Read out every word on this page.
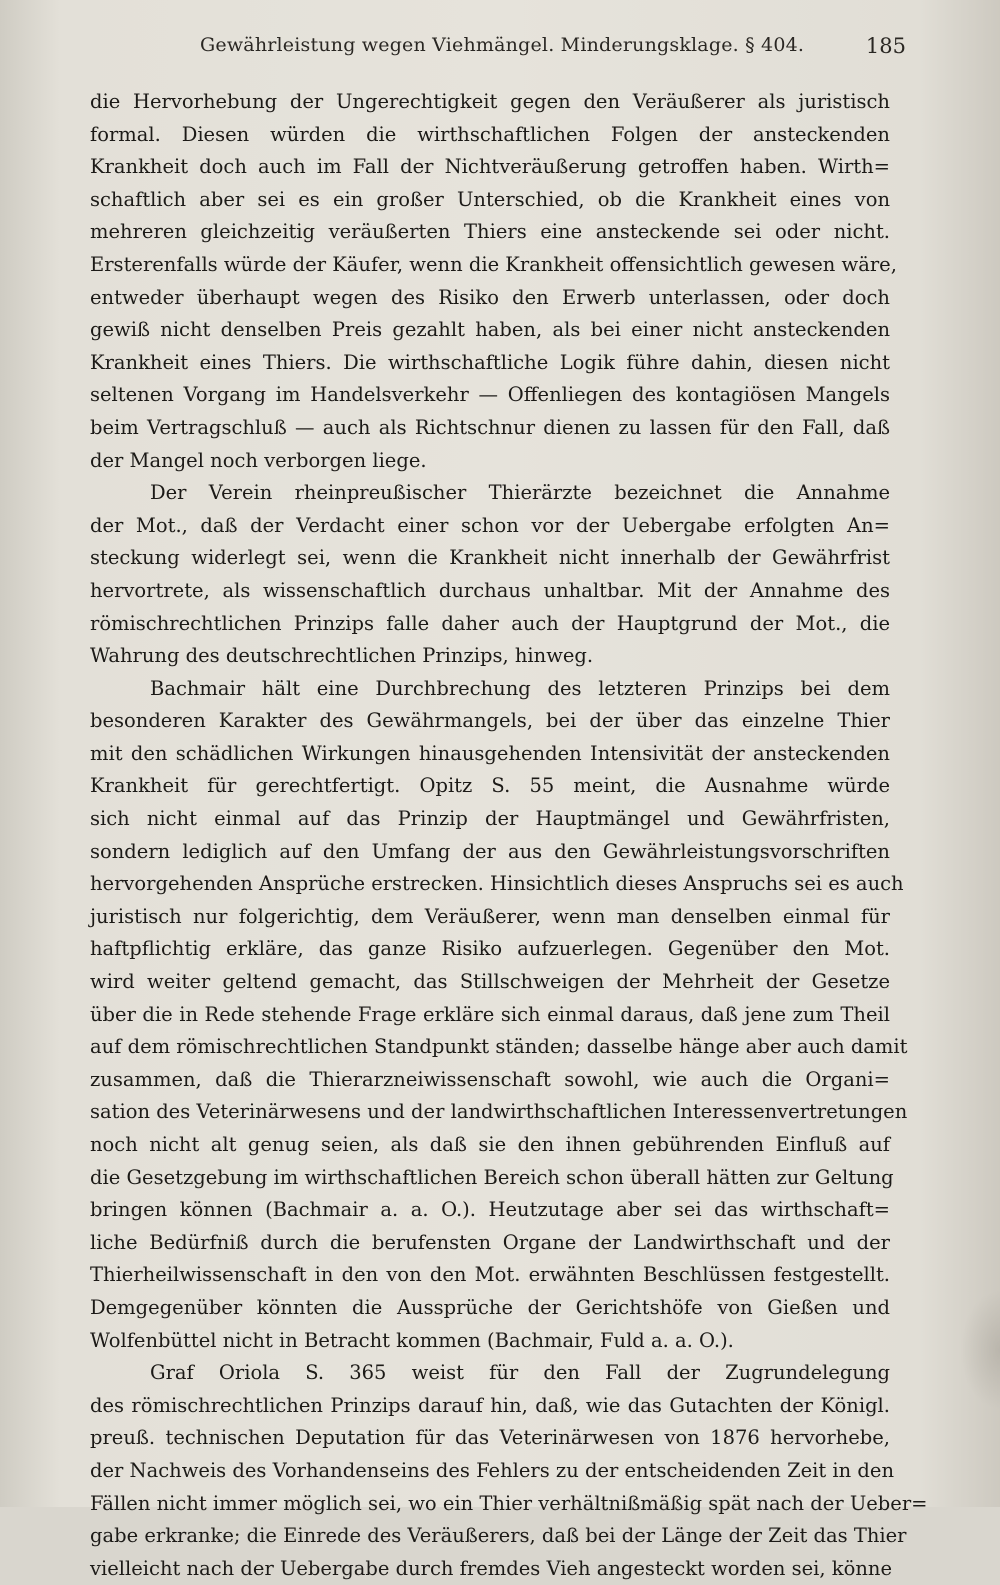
Gewährleistung wegen Viehmängel. Minderungsklage. § 404.	185
die Hervorhebung der Ungerechtigkeit gegen den Veräußerer als juristisch
formal. Diesen würden die wirthschaftlichen Folgen der ansteckenden
Krankheit doch auch im Fall der Nichtveräußerung getroffen haben. Wirth=
schaftlich aber sei es ein großer Unterschied, ob die Krankheit eines von
mehreren gleichzeitig veräußerten Thiers eine ansteckende sei oder nicht.
Ersterenfalls würde der Käufer, wenn die Krankheit offensichtlich gewesen wäre,
entweder überhaupt wegen des Risiko den Erwerb unterlassen, oder doch
gewiß nicht denselben Preis gezahlt haben, als bei einer nicht ansteckenden
Krankheit eines Thiers. Die wirthschaftliche Logik führe dahin, diesen nicht
seltenen Vorgang im Handelsverkehr — Offenliegen des kontagiösen Mangels
beim Vertragschluß — auch als Richtschnur dienen zu lassen für den Fall, daß
der Mangel noch verborgen liege.
Der Verein rheinpreußischer Thierärzte bezeichnet die Annahme
der Mot., daß der Verdacht einer schon vor der Uebergabe erfolgten An=
steckung widerlegt sei, wenn die Krankheit nicht innerhalb der Gewährfrist
hervortrete, als wissenschaftlich durchaus unhaltbar. Mit der Annahme des
römischrechtlichen Prinzips falle daher auch der Hauptgrund der Mot., die
Wahrung des deutschrechtlichen Prinzips, hinweg.
Bachmair hält eine Durchbrechung des letzteren Prinzips bei dem
besonderen Karakter des Gewährmangels, bei der über das einzelne Thier
mit den schädlichen Wirkungen hinausgehenden Intensivität der ansteckenden
Krankheit für gerechtfertigt. Opitz S. 55 meint, die Ausnahme würde
sich nicht einmal auf das Prinzip der Hauptmängel und Gewährfristen,
sondern lediglich auf den Umfang der aus den Gewährleistungsvorschriften
hervorgehenden Ansprüche erstrecken. Hinsichtlich dieses Anspruchs sei es auch
juristisch nur folgerichtig, dem Veräußerer, wenn man denselben einmal für
haftpflichtig erkläre, das ganze Risiko aufzuerlegen. Gegenüber den Mot.
wird weiter geltend gemacht, das Stillschweigen der Mehrheit der Gesetze
über die in Rede stehende Frage erkläre sich einmal daraus, daß jene zum Theil
auf dem römischrechtlichen Standpunkt ständen; dasselbe hänge aber auch damit
zusammen, daß die Thierarzneiwissenschaft sowohl, wie auch die Organi=
sation des Veterinärwesens und der landwirthschaftlichen Interessenvertretungen
noch nicht alt genug seien, als daß sie den ihnen gebührenden Einfluß auf
die Gesetzgebung im wirthschaftlichen Bereich schon überall hätten zur Geltung
bringen können (Bachmair a. a. O.). Heutzutage aber sei das wirthschaft=
liche Bedürfniß durch die berufensten Organe der Landwirthschaft und der
Thierheilwissenschaft in den von den Mot. erwähnten Beschlüssen festgestellt.
Demgegenüber könnten die Aussprüche der Gerichtshöfe von Gießen und
Wolfenbüttel nicht in Betracht kommen (Bachmair, Fuld a. a. O.).
Graf Oriola S. 365 weist für den Fall der Zugrundelegung
des römischrechtlichen Prinzips darauf hin, daß, wie das Gutachten der Königl.
preuß. technischen Deputation für das Veterinärwesen von 1876 hervorhebe,
der Nachweis des Vorhandenseins des Fehlers zu der entscheidenden Zeit in den
Fällen nicht immer möglich sei, wo ein Thier verhältnißmäßig spät nach der Ueber=
gabe erkranke; die Einrede des Veräußerers, daß bei der Länge der Zeit das Thier
vielleicht nach der Uebergabe durch fremdes Vieh angesteckt worden sei, könne
